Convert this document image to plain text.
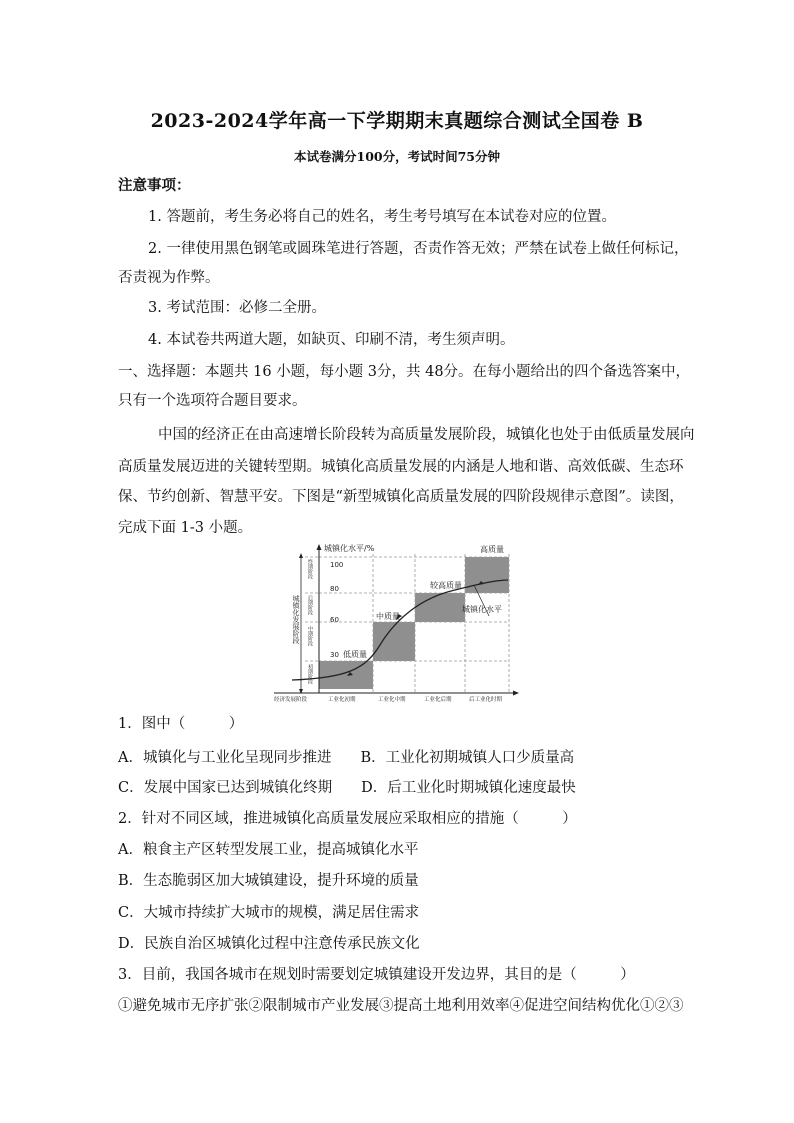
2023-2024学年高一下学期期末真题综合测试全国卷 B
本试卷满分100分，考试时间75分钟
注意事项：
1. 答题前，考生务必将自己的姓名，考生考号填写在本试卷对应的位置。
2. 一律使用黑色钢笔或圆珠笔进行答题，否责作答无效；严禁在试卷上做任何标记，
否责视为作弊。
3. 考试范围：必修二全册。
4. 本试卷共两道大题，如缺页、印刷不清，考生须声明。
一、选择题：本题共 16 小题，每小题 3分，共 48分。在每小题给出的四个备选答案中，
只有一个选项符合题目要求。
中国的经济正在由高速增长阶段转为高质量发展阶段，城镇化也处于由低质量发展向
高质量发展迈进的关键转型期。城镇化高质量发展的内涵是人地和谐、高效低碳、生态环
保、节约创新、智慧平安。下图是“新型城镇化高质量发展的四阶段规律示意图”。读图，
完成下面 1-3 小题。
城镇化水平/%
100
80
60
30 低质量
中质量
较高质量
高质量
城镇化水平
经济发展阶段	工业化初期	工业化中期	工业化后期	后工业化时期
城镇化发展阶段
终期阶段
后期阶段
中期阶段
初期阶段
1．图中（　　　）
A．城镇化与工业化呈现同步推进　　B．工业化初期城镇人口少质量高
C．发展中国家已达到城镇化终期　　D．后工业化时期城镇化速度最快
2．针对不同区域，推进城镇化高质量发展应采取相应的措施（　　　）
A．粮食主产区转型发展工业，提高城镇化水平
B．生态脆弱区加大城镇建设，提升环境的质量
C．大城市持续扩大城市的规模，满足居住需求
D．民族自治区城镇化过程中注意传承民族文化
3．目前，我国各城市在规划时需要划定城镇建设开发边界，其目的是（　　　）
①避免城市无序扩张②限制城市产业发展③提高土地利用效率④促进空间结构优化①②③
